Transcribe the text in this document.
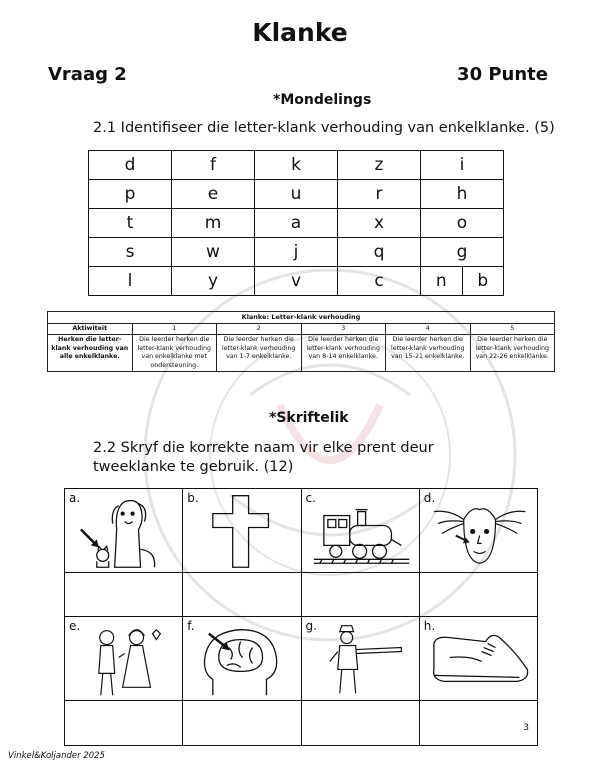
Klanke
Vraag 2	30 Punte
*Mondelings
2.1 Identifiseer die letter-klank verhouding van enkelklanke. (5)
d	f	k	z	i
p	e	u	r	h
t	m	a	x	o
s	w	j	q	g
l	y	v	c	n b
Klanke: Letter-klank verhouding					
Aktiwiteit	1	2	3	4	5
Herken die letter-klank verhouding van alle enkelklanke.	Die leerder herken die letter-klank verhouding van enkelklanke met ondersteuning.	Die leerder herken die letter-klank verhouding van 1-7 enkelklanke.	Die leerder herken die letter-klank verhouding van 8-14 enkelklanke.	Die leerder herken die letter-klank verhouding van 15-21 enkelklanke.	Die leerder herken die letter-klank verhouding van 22-26 enkelklanke.
*Skriftelik
2.2 Skryf die korrekte naam vir elke prent deur tweeklanke te gebruik. (12)
a.	b.	c.	d.

e.	f.	g.	h.

			3
Vinkel&Koljander 2025
